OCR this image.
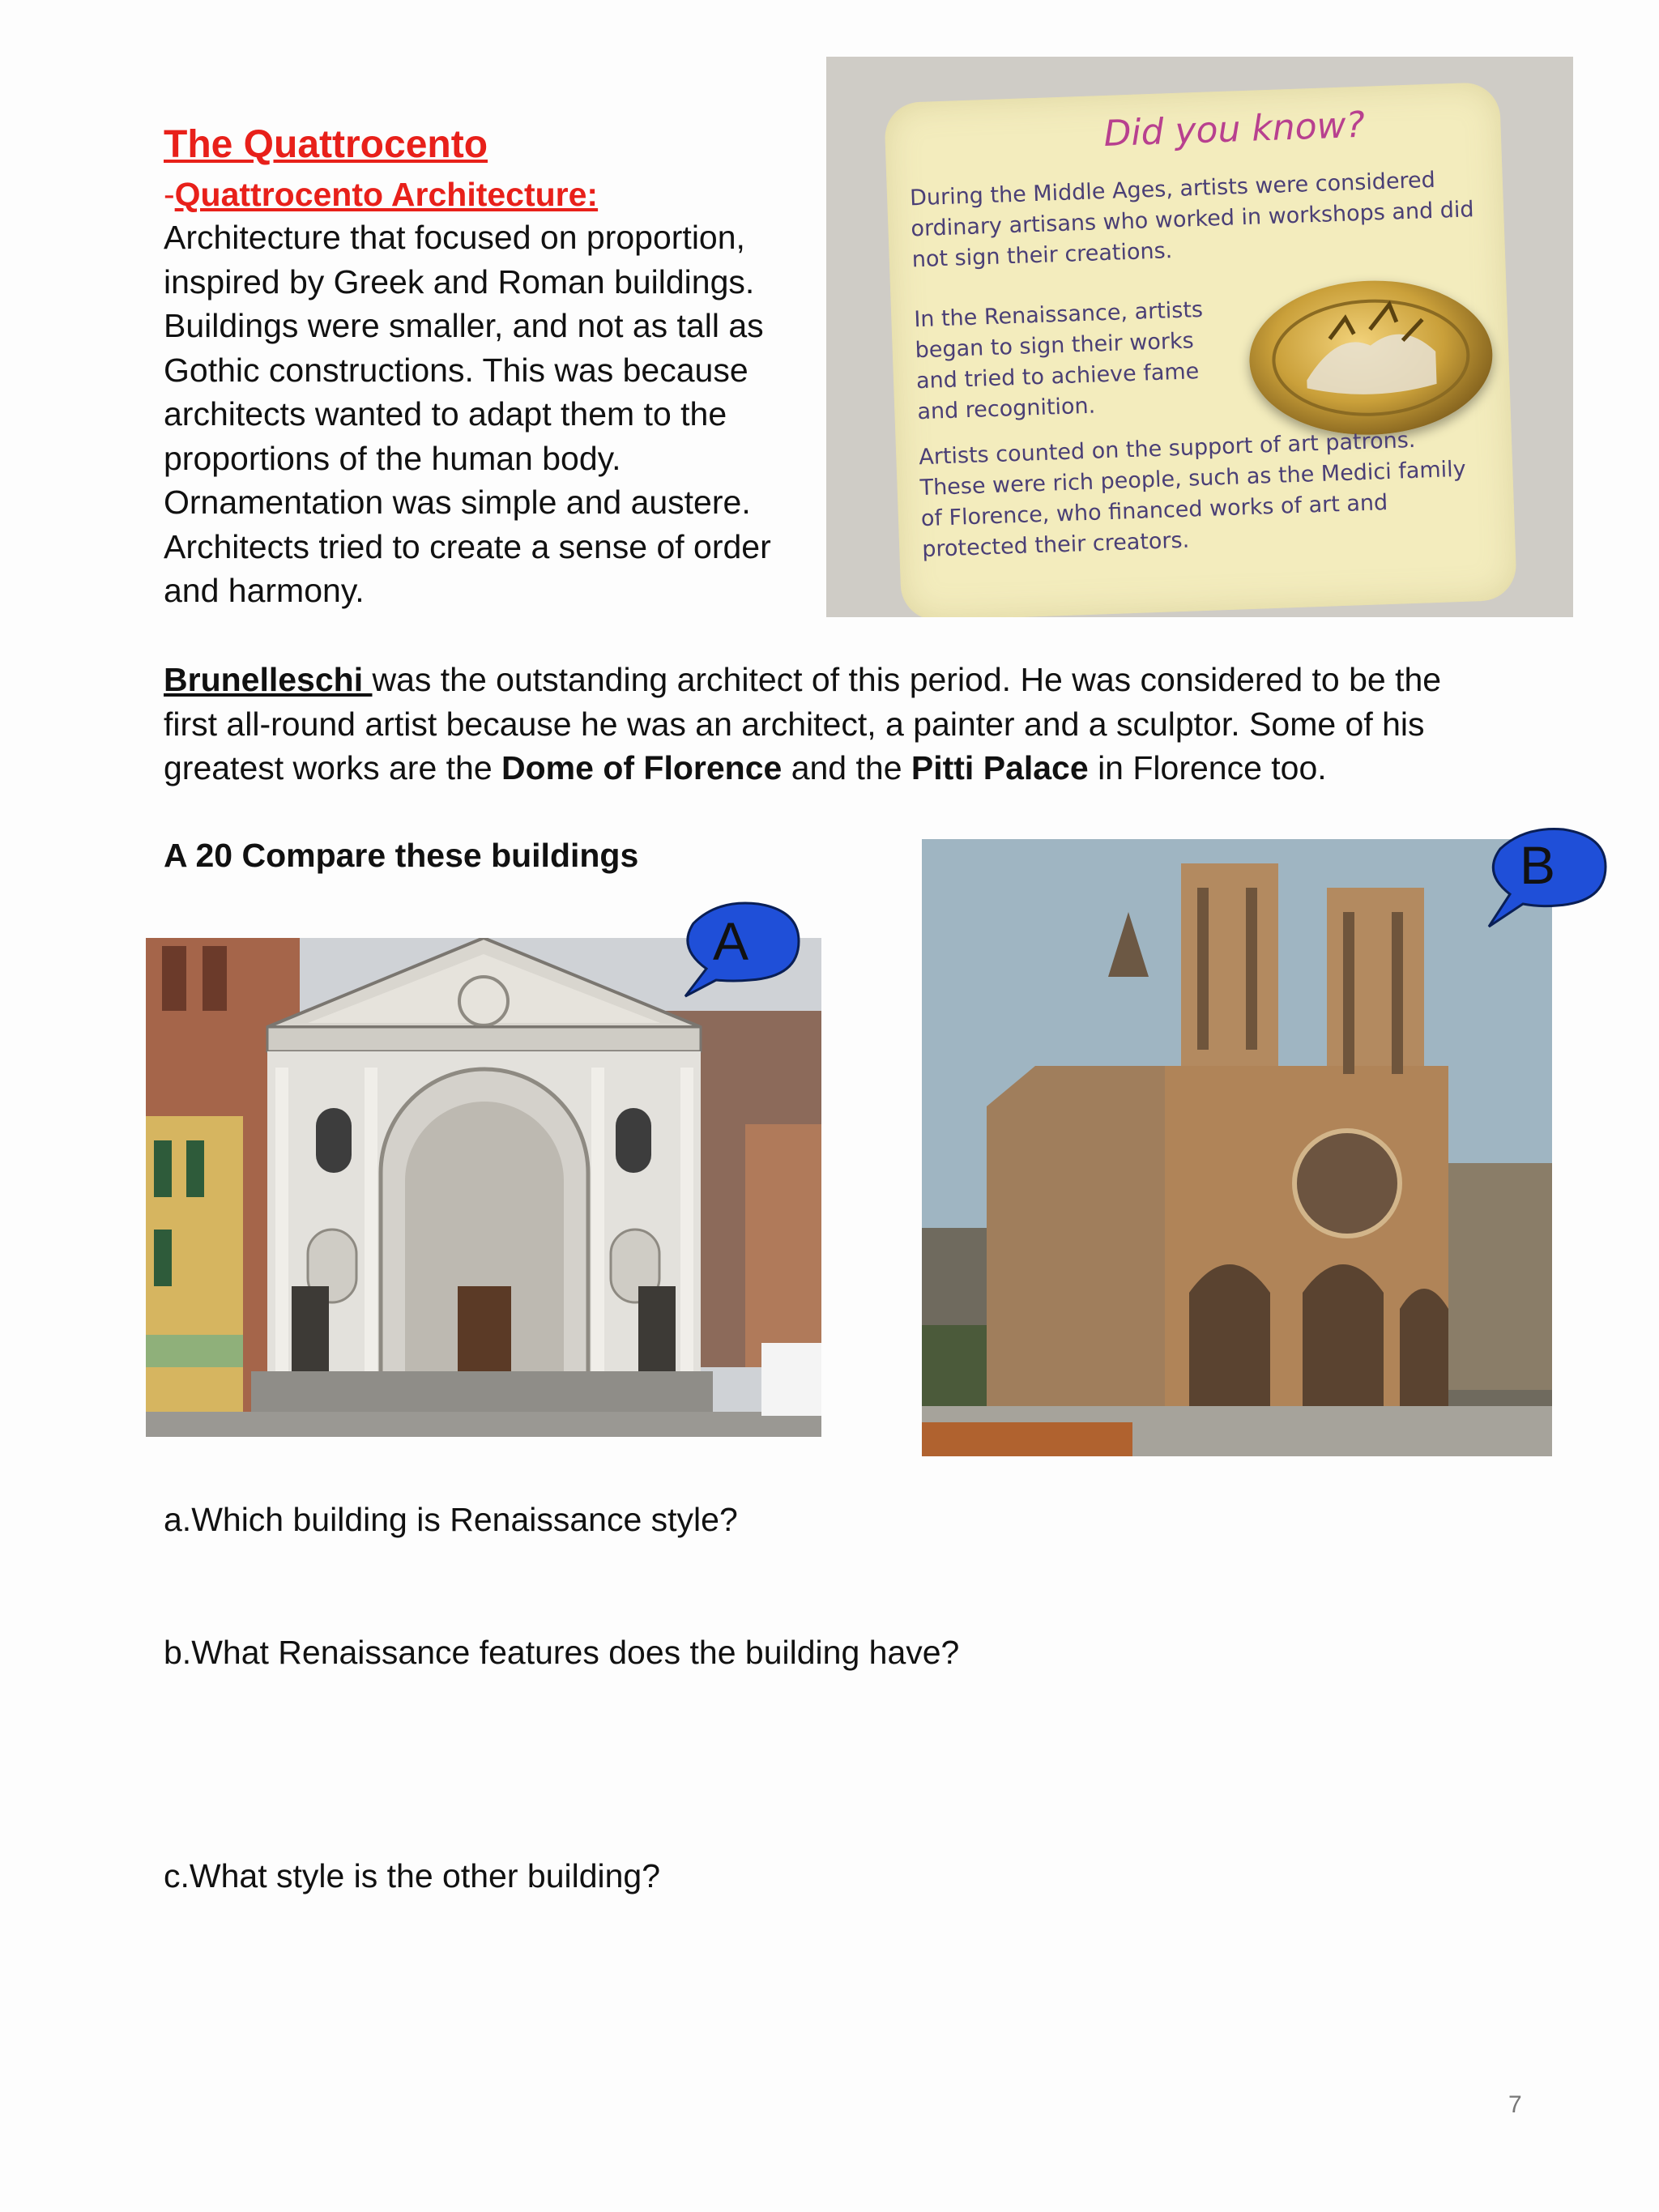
The Quattrocento
-Quattrocento Architecture:
Architecture that focused on proportion,
inspired by Greek and Roman buildings.
Buildings were smaller, and not as tall as
Gothic constructions. This was because
architects wanted to adapt them to the
proportions of the human body.
Ornamentation was simple and austere.
Architects tried to create a sense of order
and harmony.
Did you know?
During the Middle Ages, artists were considered ordinary artisans who worked in workshops and did not sign their creations.
In the Renaissance, artists began to sign their works and tried to achieve fame and recognition.
Artists counted on the support of art patrons. These were rich people, such as the Medici family of Florence, who financed works of art and protected their creators.
Brunelleschi was the outstanding architect of this period. He was considered to be the first all-round artist because he was an architect, a painter and a sculptor. Some of his greatest works are the Dome of Florence and the Pitti Palace in Florence too.
A 20 Compare these buildings
A
B
a.Which building is Renaissance style?
b.What Renaissance features does the building have?
c.What style is the other building?
7
